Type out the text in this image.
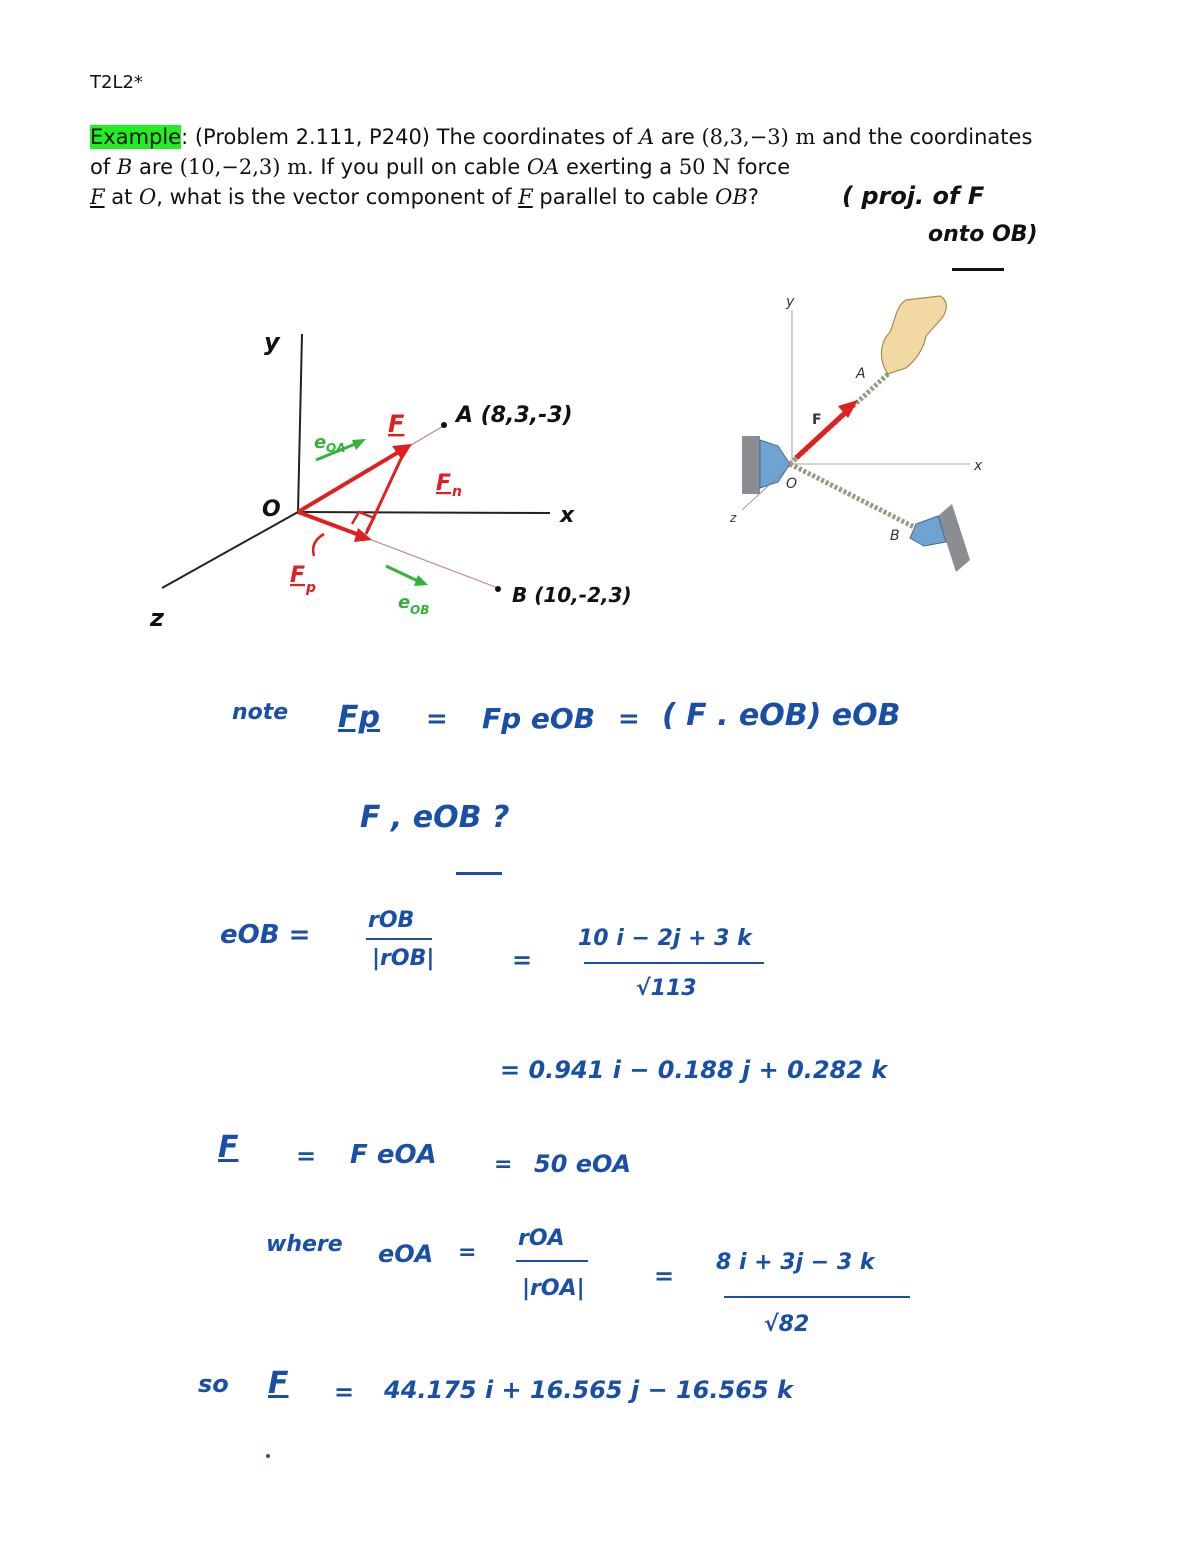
T2L2*
Example: (Problem 2.111, P240) The coordinates of A are (8,3,−3) m and the coordinates of B are (10,−2,3) m. If you pull on cable OA exerting a 50 N force
F at O, what is the vector component of F parallel to cable OB?	( proj. of F
onto OB)
y
x
z
O
A (8,3,-3)
B (10,-2,3)
F
F n
F p
e OA
e OB
y
x
z
A
B
O
F
note Fp = Fp eOB = ( F . eOB) eOB
F , eOB ?
eOB =	rOB
|rOB|	=
10 i − 2j + 3 k
√113
= 0.941 i − 0.188 j + 0.282 k
F = F eOA	= 50 eOA
where eOA =
rOA
|rOA|	= 8 i + 3j − 3 k
√82
so F = 44.175 i + 16.565 j − 16.565 k
